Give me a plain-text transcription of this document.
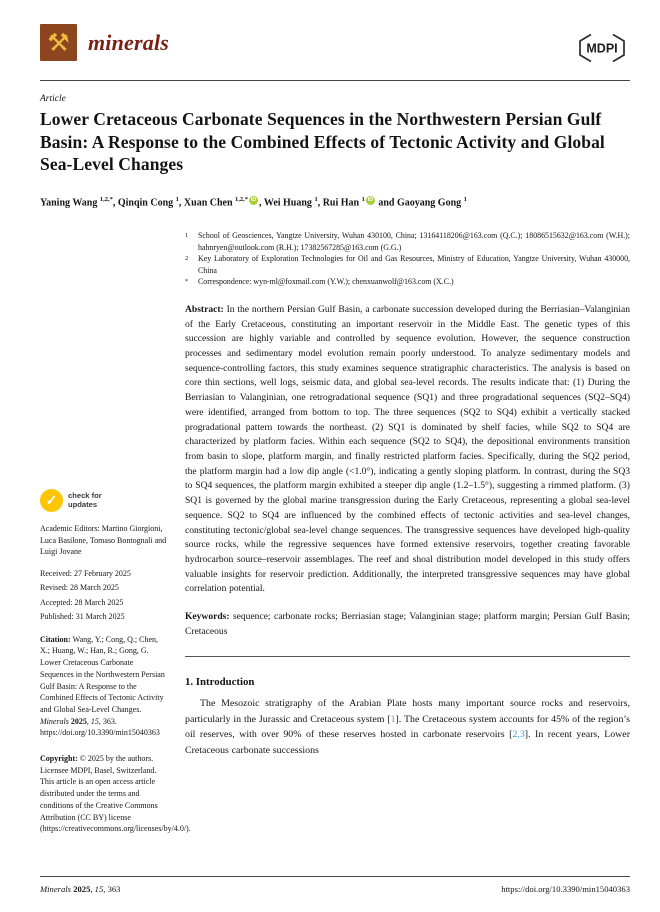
⚒ minerals	MDPI
Article
Lower Cretaceous Carbonate Sequences in the Northwestern Persian Gulf Basin: A Response to the Combined Effects of Tectonic Activity and Global Sea-Level Changes
Yaning Wang $^{1,2,*}$, Qinqin Cong $^1$, Xuan Chen $^{1,2,*}$ iD , Wei Huang $^1$, Rui Han $^1$ iD and Gaoyang Gong $^1$
1	School of Geosciences, Yangtze University, Wuhan 430100, China; 13164118206@163.com (Q.C.); 18086515632@163.com (W.H.); hahnryen@outlook.com (R.H.); 17382567285@163.com (G.G.)
2	Key Laboratory of Exploration Technologies for Oil and Gas Resources, Ministry of Education, Yangtze University, Wuhan 430000, China
*	Correspondence: wyn-ml@foxmail.com (Y.W.); chenxuanwolf@163.com (X.C.)

Abstract: In the northern Persian Gulf Basin, a carbonate succession developed during the Berriasian–Valanginian of the Early Cretaceous, constituting an important reservoir in the Middle East. The genetic types of this succession are highly variable and controlled by sequence evolution. However, the sequence construction processes and sedimentary model evolution remain poorly understood. To analyze sedimentary models and sequence-controlling factors, this study examines sequence stratigraphic characteristics. The analysis is based on core thin sections, well logs, seismic data, and global sea-level records. The results indicate that: (1) During the Berriasian to Valanginian, one retrogradational sequence (SQ1) and three progradational sequences (SQ2–SQ4) were identified, arranged from bottom to top. The three sequences (SQ2 to SQ4) exhibit a vertically stacked progradational pattern towards the northeast. (2) SQ1 is dominated by shelf facies, while SQ2 to SQ4 are characterized by platform facies. Within each sequence (SQ2 to SQ4), the depositional environments transition from basin to slope, platform margin, and finally restricted platform facies. Specifically, during the SQ2 period, the platform margin had a low dip angle (<1.0°), indicating a gently sloping platform. In contrast, during the SQ3 to SQ4 sequences, the platform margin exhibited a steeper dip angle (1.2–1.5°), suggesting a rimmed platform. (3) SQ1 is governed by the global marine transgression during the Early Cretaceous, representing a global sea-level sequence. SQ2 to SQ4 are influenced by the combined effects of tectonic activities and sea-level changes, constituting tectonic/global sea-level change sequences. The transgressive sequences have developed high-quality source rocks, while the regressive sequences have formed extensive reservoirs, together creating favorable hydrocarbon source–reservoir assemblages. The reef and shoal distribution model developed in this study offers valuable insights for reservoir prediction. Additionally, the interpreted transgressive sequences may have global correlation potential.

Keywords: sequence; carbonate rocks; Berriasian stage; Valanginian stage; platform margin; Persian Gulf Basin; Cretaceous

1. Introduction

The Mesozoic stratigraphy of the Arabian Plate hosts many important source rocks and reservoirs, particularly in the Jurassic and Cretaceous system [1]. The Cretaceous system accounts for 45% of the region’s oil reserves, with over 90% of these reserves hosted in carbonate reservoirs [2,3]. In recent years, Lower Cretaceous carbonate successions

✓	check for
updates
Academic Editors: Martino Giorgioni, Luca Basilone, Tomaso Bontognali and Luigi Jovane
Received: 27 February 2025
Revised: 28 March 2025
Accepted: 28 March 2025
Published: 31 March 2025
Citation: Wang, Y.; Cong, Q.; Chen, X.; Huang, W.; Han, R.; Gong, G. Lower Cretaceous Carbonate Sequences in the Northwestern Persian Gulf Basin: A Response to the Combined Effects of Tectonic Activity and Global Sea-Level Changes. Minerals 2025, 15, 363. https://doi.org/10.3390/min15040363
Copyright: © 2025 by the authors. Licensee MDPI, Basel, Switzerland. This article is an open access article distributed under the terms and conditions of the Creative Commons Attribution (CC BY) license (https://creativecommons.org/licenses/by/4.0/).
Minerals 2025, 15, 363	https://doi.org/10.3390/min15040363
